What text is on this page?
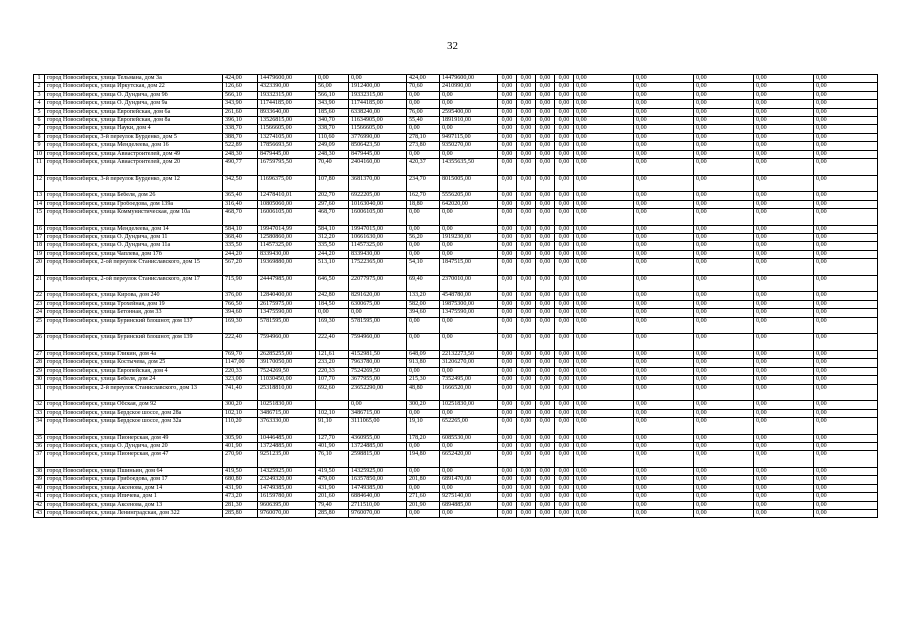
32
1	город Новосибирск, улица Тельмана, дом 3а	424,00	14479600,00	0,00	0,00	424,00	14479600,00	0,00	0,00	0,00	0,00	0,00	0,00	0,00	0,00	0,00
2	город Новосибирск, улица Иркутская, дом 22	126,60	4323390,00	56,00	1912400,00	70,60	2410990,00	0,00	0,00	0,00	0,00	0,00	0,00	0,00	0,00	0,00
3	город Новосибирск, улица О. Дундича, дом 9б	566,10	19332315,00	566,10	19332315,00	0,00	0,00	0,00	0,00	0,00	0,00	0,00	0,00	0,00	0,00	0,00
4	город Новосибирск, улица О. Дундича, дом 9а	343,90	11744185,00	343,90	11744185,00	0,00	0,00	0,00	0,00	0,00	0,00	0,00	0,00	0,00	0,00	0,00
5	город Новосибирск, улица Европейская, дом 6а	261,60	8933640,00	185,60	6338240,00	76,00	2595400,00	0,00	0,00	0,00	0,00	0,00	0,00	0,00	0,00	0,00
6	город Новосибирск, улица Европейская, дом 8а	396,10	13526815,00	340,70	11634905,00	55,40	1891910,00	0,00	0,00	0,00	0,00	0,00	0,00	0,00	0,00	0,00
7	город Новосибирск, улица Науки, дом 4	338,70	11566605,00	338,70	11566605,00	0,00	0,00	0,00	0,00	0,00	0,00	0,00	0,00	0,00	0,00	0,00
8	город Новосибирск, 3-й переулок Бурденко, дом 5	388,70	13274105,00	110,60	3776990,00	278,10	9497115,00	0,00	0,00	0,00	0,00	0,00	0,00	0,00	0,00	0,00
9	город Новосибирск, улица Менделеева, дом 16	522,89	17856693,50	249,09	8506423,50	273,80	9350270,00	0,00	0,00	0,00	0,00	0,00	0,00	0,00	0,00	0,00
10	город Новосибирск, улица Авиастроителей, дом 49	248,30	8479445,00	248,30	8479445,00	0,00	0,00	0,00	0,00	0,00	0,00	0,00	0,00	0,00	0,00	0,00
11	город Новосибирск, улица Авиастроителей, дом 20	490,77	16759795,50	70,40	2404160,00	420,37	14355635,50	0,00	0,00	0,00	0,00	0,00	0,00	0,00	0,00	0,00
12	город Новосибирск, 3-й переулок Бурденко, дом 12	342,50	11696375,00	107,80	3681370,00	234,70	8015005,00	0,00	0,00	0,00	0,00	0,00	0,00	0,00	0,00	0,00
13	город Новосибирск, улица Бебеля, дом 26	365,40	12478410,01	202,70	6922205,00	162,70	5556205,00	0,00	0,00	0,00	0,00	0,00	0,00	0,00	0,00	0,00
14	город Новосибирск, улица Гробоедова, дом 139а	316,40	10805060,00	297,60	10163040,00	18,80	642020,00	0,00	0,00	0,00	0,00	0,00	0,00	0,00	0,00	0,00
15	город Новосибирск, улица Коммунистическая, дом 10а	468,70	16006105,00	468,70	16006105,00	0,00	0,00	0,00	0,00	0,00	0,00	0,00	0,00	0,00	0,00	0,00
16	город Новосибирск, улица Менделеева, дом 14	584,10	19947014,99	584,10	19947015,00	0,00	0,00	0,00	0,00	0,00	0,00	0,00	0,00	0,00	0,00	0,00
17	город Новосибирск, улица О. Дундича, дом 11	368,40	12580860,00	312,20	10661630,00	56,20	1919230,00	0,00	0,00	0,00	0,00	0,00	0,00	0,00	0,00	0,00
18	город Новосибирск, улица О. Дундича, дом 11а	335,50	11457325,00	335,50	11457325,00	0,00	0,00	0,00	0,00	0,00	0,00	0,00	0,00	0,00	0,00	0,00
19	город Новосибирск, улица Чаплева, дом 17б	244,20	8339430,00	244,20	8339430,00	0,00	0,00	0,00	0,00	0,00	0,00	0,00	0,00	0,00	0,00	0,00
20	город Новосибирск, 2-ой переулок Станиславского, дом 15	567,20	19369880,00	513,10	17522365,00	54,10	1847515,00	0,00	0,00	0,00	0,00	0,00	0,00	0,00	0,00	0,00
21	город Новосибирск, 2-ой переулок Станиславского, дом 17	715,90	24447985,00	646,50	22077975,00	69,40	2370010,00	0,00	0,00	0,00	0,00	0,00	0,00	0,00	0,00	0,00
22	город Новосибирск, улица Кирова, дом 240	376,00	12840400,00	242,80	8291620,00	133,20	4548780,00	0,00	0,00	0,00	0,00	0,00	0,00	0,00	0,00	0,00
23	город Новосибирск, улица Трохейная, дом 19	766,50	26175975,00	184,50	6300675,00	582,00	19875300,00	0,00	0,00	0,00	0,00	0,00	0,00	0,00	0,00	0,00
24	город Новосибирск, улица Бетонная, дом 33	394,60	13475590,00	0,00	0,00	394,60	13475590,00	0,00	0,00	0,00	0,00	0,00	0,00	0,00	0,00	0,00
25	город Новосибирск, улица Буринский блошнот, дом 137	169,30	5781595,00	169,30	5781595,00	0,00	0,00	0,00	0,00	0,00	0,00	0,00	0,00	0,00	0,00	0,00
26	город Новосибирск, улица Буринский блошнот, дом 139	222,40	7594960,00	222,40	7594960,00	0,00	0,00	0,00	0,00	0,00	0,00	0,00	0,00	0,00	0,00	0,00
27	город Новосибирск, улица Гликин, дом 4а	769,70	26285255,00	121,61	4152981,50	648,09	22132273,50	0,00	0,00	0,00	0,00	0,00	0,00	0,00	0,00	0,00
28	город Новосибирск, улица Костычева, дом 25	1147,00	39170050,00	233,20	7963780,00	913,80	31206270,00	0,00	0,00	0,00	0,00	0,00	0,00	0,00	0,00	0,00
29	город Новосибирск, улица Европейская, дом 4	220,33	7524269,50	220,33	7524269,50	0,00	0,00	0,00	0,00	0,00	0,00	0,00	0,00	0,00	0,00	0,00
30	город Новосибирск, улица Бебеля, дом 24	323,00	11030450,00	107,70	3677955,00	215,30	7352495,00	0,00	0,00	0,00	0,00	0,00	0,00	0,00	0,00	0,00
31	город Новосибирск, 2-й переулок Станиславского, дом 13	741,40	25318810,00	692,60	23652290,00	48,80	1666520,00	0,00	0,00	0,00	0,00	0,00	0,00	0,00	0,00	0,00
32	город Новосибирск, улица Обская, дом 92	300,20	10251830,00		0,00	300,20	10251830,00	0,00	0,00	0,00	0,00	0,00	0,00	0,00	0,00	0,00
33	город Новосибирск, улица Бердское шоссе, дом 28а	102,10	3486715,00	102,10	3486715,00	0,00	0,00	0,00	0,00	0,00	0,00	0,00	0,00	0,00	0,00	0,00
34	город Новосибирск, улица Бердское шоссе, дом 32а	110,20	3763330,00	91,10	3111065,00	19,10	652265,00	0,00	0,00	0,00	0,00	0,00	0,00	0,00	0,00	0,00
35	город Новосибирск, улица Пионерская, дом 49	305,90	10446485,00	127,70	4360955,00	178,20	6085530,00	0,00	0,00	0,00	0,00	0,00	0,00	0,00	0,00	0,00
36	город Новосибирск, улица О. Дундича, дом 20	401,90	13724885,00	401,90	13724885,00	0,00	0,00	0,00	0,00	0,00	0,00	0,00	0,00	0,00	0,00	0,00
37	город Новосибирск, улица Пионерская, дом 47	270,90	9251235,00	76,10	2598815,00	194,80	6652420,00	0,00	0,00	0,00	0,00	0,00	0,00	0,00	0,00	0,00
38	город Новосибирск, улица Пшиньин, дом 64	419,50	14325925,00	419,50	14325925,00	0,00	0,00	0,00	0,00	0,00	0,00	0,00	0,00	0,00	0,00	0,00
39	город Новосибирск, улица Грибоедова, дом 17	680,80	23249320,00	479,00	16357850,00	201,80	6891470,00	0,00	0,00	0,00	0,00	0,00	0,00	0,00	0,00	0,00
40	город Новосибирск, улица Аксенова, дом 14	431,90	14749385,00	431,90	14749385,00	0,00	0,00	0,00	0,00	0,00	0,00	0,00	0,00	0,00	0,00	0,00
41	город Новосибирск, улица Ипичева, дом 1	473,20	16159780,00	201,60	6884640,00	271,60	9275140,00	0,00	0,00	0,00	0,00	0,00	0,00	0,00	0,00	0,00
42	город Новосибирск, улица Аксенова, дом 13	281,30	9606395,00	79,40	2711510,00	201,90	6894885,00	0,00	0,00	0,00	0,00	0,00	0,00	0,00	0,00	0,00
43	город Новосибирск, улица Ленинградская, дом 322	285,80	9760070,00	285,80	9760070,00	0,00	0,00	0,00	0,00	0,00	0,00	0,00	0,00	0,00	0,00	0,00
